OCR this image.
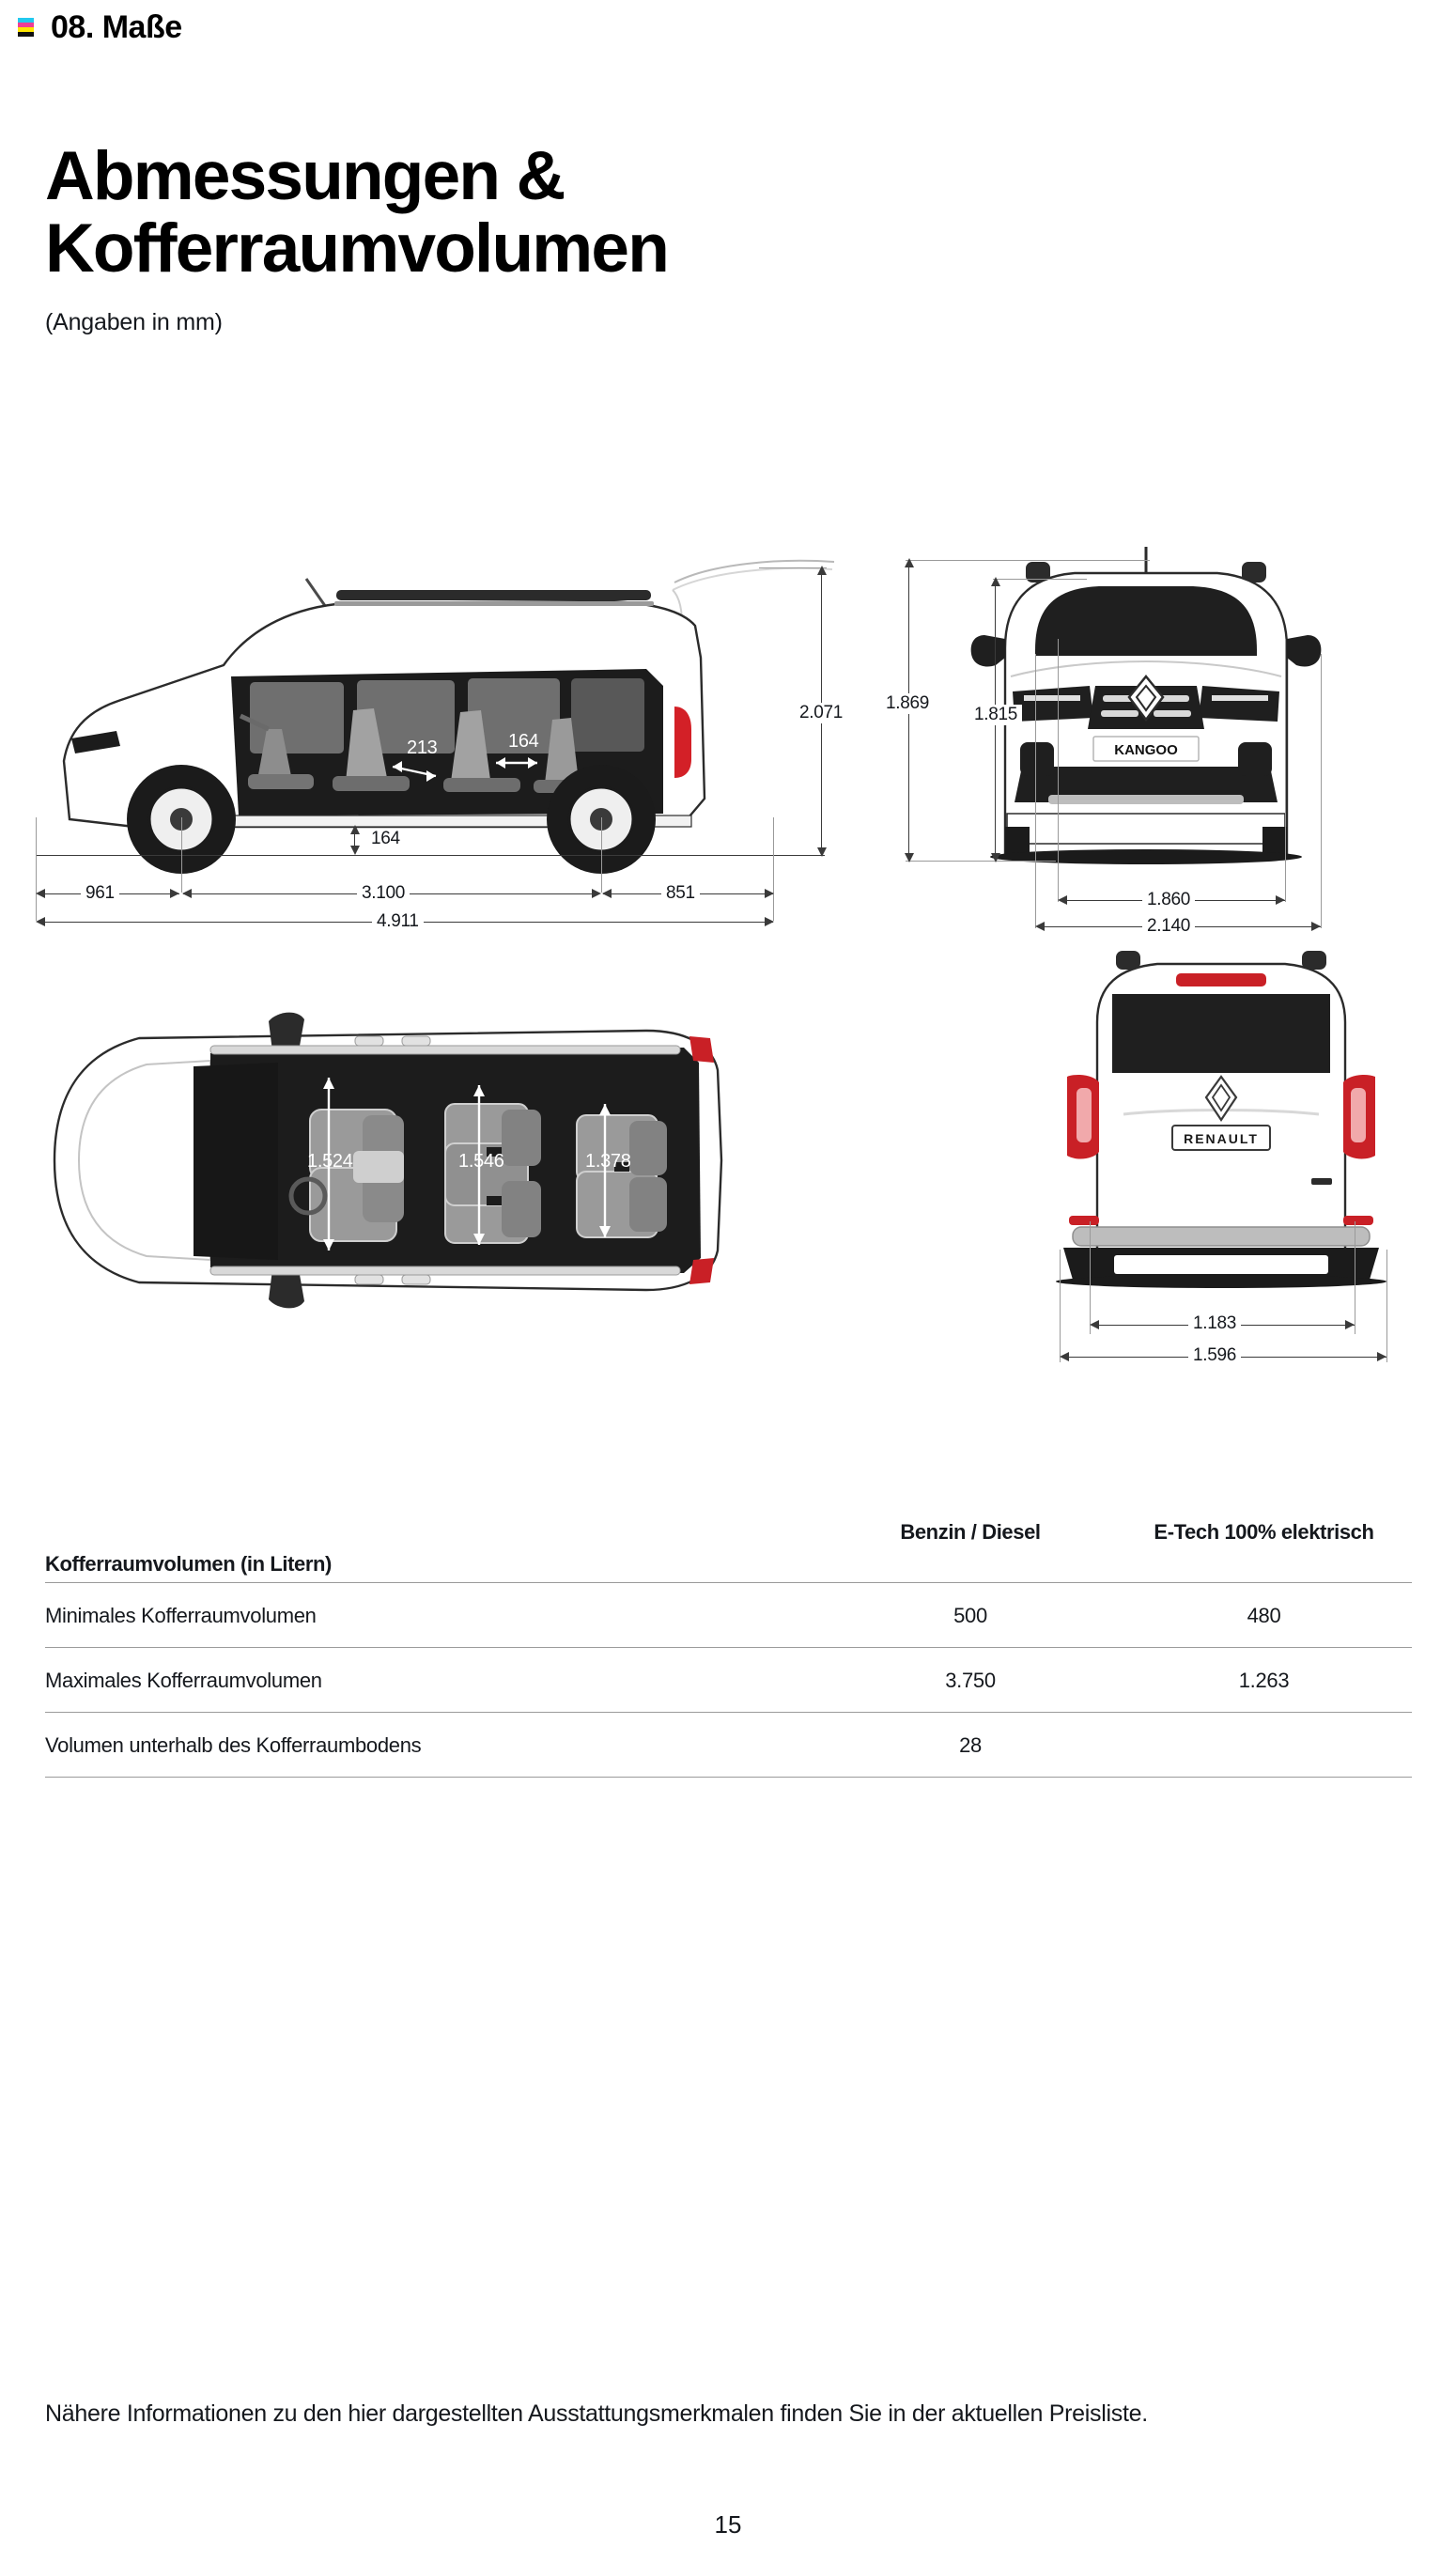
08. Maße
Abmessungen &
Kofferraumvolumen

(Angaben in mm)

213	164
164
961	3.100	851
4.911
2.071
KANGOO
1.869
1.815
1.860
2.140
1.524	1.546	1.378
RENAULT
1.183
1.596
	Benzin / Diesel	E-Tech 100% elektrisch
Kofferraumvolumen (in Litern)		
Minimales Kofferraumvolumen	500	480
Maximales Kofferraumvolumen	3.750	1.263
Volumen unterhalb des Kofferraumbodens	28	
Nähere Informationen zu den hier dargestellten Ausstattungsmerkmalen finden Sie in der aktuellen Preisliste.
15
